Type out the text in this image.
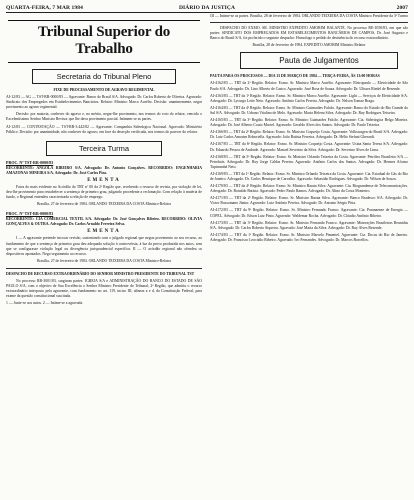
QUARTA-FEIRA, 7 MAR 1984	DIÁRIO DA JUSTIÇA	2007
Tribunal Superior do Trabalho
Secretaria do Tribunal Pleno

FIXE DE PROCESSAMENTO DE AGRAVO REGIMENTAL

AI-12/83 — AG — TST-RR-0000/83 — Agravante: Banco do Brasil S/A. Advogado: Dr. Carlos Roberto de Oliveira. Agravado: Sindicato dos Empregados em Estabelecimentos Bancários. Relator: Ministro Marco Aurélio. Decisão: unanimemente, negar provimento ao agravo regimental.

Decisão: por maioria, conhecer do agravo e, no mérito, negar-lhe provimento, nos termos do voto do relator, vencido o Excelentíssimo Senhor Ministro Revisor que lhe dava provimento parcial. Intimem-se as partes.

AI-12/83 — CONTESTAÇÃO — TST-RR-3.442/82 — Agravante: Companhia Siderúrgica Nacional. Agravado: Ministério Público. Decisão: por unanimidade, não conhecer do agravo, em face da deserção verificada, nos termos do parecer do relator.

Terceira Turma
PROC. Nº TST-RR-0000/83

RECORRENTE: ANGOLA RIBEIRO S/A. Advogado: Dr. Antonio Gonçalves. RECORRIDO: ENGENHARIA AMAZONAS MINEIRA S/A. Advogado: Dr. José Carlos Piza.

EMENTA

Fatos do mais evidente no Acórdão do TRT nº 00 da 2ª Região que, recebendo o recurso de revista, por violação de lei, deu-lhe provimento para restabelecer a sentença de primeiro grau, julgando procedente a reclamação. Com relação à matéria de fundo, o Regional entendeu caracterizada a relação de emprego.

Brasília, 27 de fevereiro de 1984. ORLANDO TEIXEIRA DA COSTA Ministro-Relator
PROC. Nº TST-RR-0000/83

RECORRENTE: CIA COMERCIAL TEXTIL S/A. Advogado: Dr. José Gonçalves Ribeiro. RECORRIDO: OLIVIA GONÇALVES & OUTRA. Advogado: Dr. Carlos Arnaldo Ferreira Selva.

EMENTA

I — A agravante pretende invocar revisão, sustentando com o julgado regional que negou provimento ao seu recurso, ao fundamento de que a sentença de primeiro grau deu adequada solução à controvérsia, à luz da prova produzida nos autos, sem que se configurasse violação legal ou divergência jurisprudencial específica. II — O acórdão regional não ofendeu os dispositivos apontados. Nego seguimento ao recurso.

Brasília, 27 de fevereiro de 1984. ORLANDO TEIXEIRA DA COSTA Ministro-Relator

DESPACHO DE RECURSO EXTRAORDINÁRIO DO SENHOR MINISTRO PRESIDENTE DO TRIBUNAL TST

No processo RR-3001/83, surgiram partes: IGREJA S/A e ADMINISTRAÇÃO DO BANCO DO ESTADO DE SÃO PAULO S/A, com o objetivo de Sua Excelência o Senhor Ministro Presidente do Tribunal, 2ª Região, que admitiu o recurso extraordinário interposto pela agravante, com fundamento no art. 119, inciso III, alíneas a e d, da Constituição Federal, para exame da questão constitucional suscitada.

1 — Junte-se aos autos. 2 — Intime-se a agravada.

III — Intime-se as partes. Brasília, 28 de fevereiro de 1984. ORLANDO TEIXEIRA DA COSTA Ministro Presidente da 3ª Turma

DESPACHO DO EXMO. SR. MINISTRO EXPEDITO AMORIM BALANTE. No processo RE-1050/83, em que são partes: SINDICATO DOS EMPREGADOS EM ESTABELECIMENTOS BANCÁRIOS DE CAMPOS, Dr. José Augusto e Banco do Brasil S/A, foi proferido o seguinte despacho: Homologo o pedido de desistência do recurso extraordinário.

Brasília, 28 de fevereiro de 1984. EXPEDITO AMORIM Ministro Relator
Pauta de Julgamentos

PAUTA PARA OS PROCESSOS — DIA 13 DE MARÇO DE 1984 — TERÇA-FEIRA, ÀS 13:00 HORAS

AI-4162/83 — TRT da 2ª Região. Relator: Exmo. Sr. Ministro Marco Aurélio. Agravante: Eletropaulo — Eletricidade de São Paulo S/A. Advogado: Dr. Lino Alberto de Castro. Agravado: José Rosa de Souza. Advogado: Dr. Ulisses Riedel de Resende.

AI-4163/83 — TRT da 1ª Região. Relator: Exmo. Sr. Ministro Marco Aurélio. Agravante: Light — Serviços de Eletricidade S/A. Advogado: Dr. Lycurgo Leite Neto. Agravado: Antônio Carlos Pereira. Advogado: Dr. Nelson Tomaz Braga.

AI-4164/83 — TRT da 4ª Região. Relator: Exmo. Sr. Ministro Guimarães Falcão. Agravante: Banco do Estado do Rio Grande do Sul S/A. Advogado: Dr. Urbano Vitalino de Melo. Agravado: Maria Helena Silva. Advogado: Dr. Ruy Rodrigues Teixeira.

AI-4165/83 — TRT da 3ª Região. Relator: Exmo. Sr. Ministro Guimarães Falcão. Agravante: Cia. Siderúrgica Belgo Mineira. Advogado: Dr. José Alberto Couto Maciel. Agravado: Geraldo Alves dos Santos. Advogado: Dr. Paulo Teixeira.

AI-4166/83 — TRT da 2ª Região. Relator: Exmo. Sr. Ministro Coqueijo Costa. Agravante: Volkswagen do Brasil S/A. Advogado: Dr. Luiz Carlos Amorim Robortella. Agravado: João Batista Ferreira. Advogado: Dr. Hélio Stefani Gherardi.

AI-4167/83 — TRT da 6ª Região. Relator: Exmo. Sr. Ministro Coqueijo Costa. Agravante: Usina Santa Teresa S/A. Advogado: Dr. Eduardo Pessoa de Andrade. Agravado: Manoel Severino da Silva. Advogado: Dr. Severino Alves de Lima.

AI-4168/83 — TRT da 5ª Região. Relator: Exmo. Sr. Ministro Orlando Teixeira da Costa. Agravante: Petróleo Brasileiro S/A — Petrobrás. Advogado: Dr. Ruy Jorge Caldas Pereira. Agravado: Antônio Carlos dos Santos. Advogado: Dr. Hermes Afonso Tupinambá Neto.

AI-4169/83 — TRT da 1ª Região. Relator: Exmo. Sr. Ministro Orlando Teixeira da Costa. Agravante: Cia. Estadual de Gás do Rio de Janeiro. Advogado: Dr. Carlos Henrique de Carvalho. Agravado: Sebastião Rodrigues. Advogado: Dr. Wilson de Souza.

AI-4170/83 — TRT da 4ª Região. Relator: Exmo. Sr. Ministro Barata Silva. Agravante: Cia. Riograndense de Telecomunicações. Advogado: Dr. Ronaldo Batista. Agravado: Pedro Paulo Ramos. Advogado: Dr. Alino da Costa Monteiro.

AI-4171/83 — TRT da 2ª Região. Relator: Exmo. Sr. Ministro Barata Silva. Agravante: Banco Bradesco S/A. Advogado: Dr. Victor Russomano Júnior. Agravado: Luiz Antônio Pereira. Advogado: Dr. Antonio Sérgio Pitta.

AI-4172/83 — TRT da 9ª Região. Relator: Exmo. Sr. Ministro Fernando Franco. Agravante: Cia. Paranaense de Energia — COPEL. Advogado: Dr. Edson Luiz Pinto. Agravado: Waldemar Rocha. Advogado: Dr. Cláudio Antônio Ribeiro.

AI-4173/83 — TRT da 3ª Região. Relator: Exmo. Sr. Ministro Fernando Franco. Agravante: Minerações Brasileiras Reunidas S/A. Advogado: Dr. Carlos Roberto Siqueira. Agravado: José Maria da Silva. Advogado: Dr. Ruy Alves Rezende.

AI-4174/83 — TRT da 1ª Região. Relator: Exmo. Sr. Ministro Marcelo Pimentel. Agravante: Cia. Docas do Rio de Janeiro. Advogado: Dr. Francisco Leocádio Ribeiro. Agravado: Ivo Fernandes. Advogado: Dr. Marcos Barcellos.
